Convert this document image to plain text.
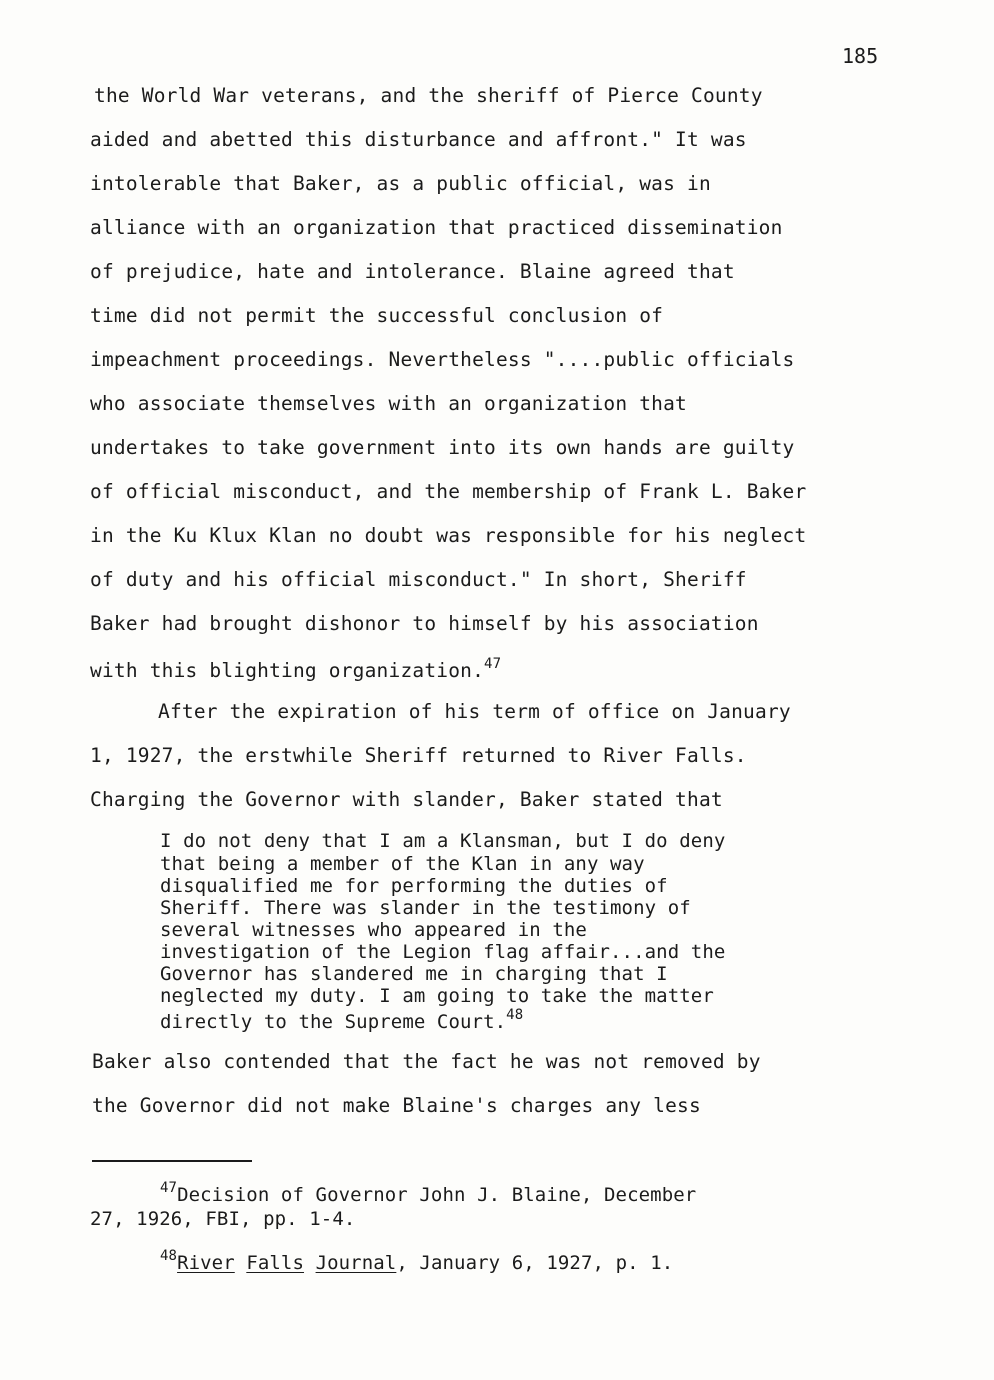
185
the World War veterans, and the sheriff of Pierce County
aided and abetted this disturbance and affront." It was
intolerable that Baker, as a public official, was in
alliance with an organization that practiced dissemination
of prejudice, hate and intolerance. Blaine agreed that
time did not permit the successful conclusion of
impeachment proceedings. Nevertheless "....public officials
who associate themselves with an organization that
undertakes to take government into its own hands are guilty
of official misconduct, and the membership of Frank L. Baker
in the Ku Klux Klan no doubt was responsible for his neglect
of duty and his official misconduct." In short, Sheriff
Baker had brought dishonor to himself by his association
with this blighting organization.$^{47}$
After the expiration of his term of office on January
1, 1927, the erstwhile Sheriff returned to River Falls.
Charging the Governor with slander, Baker stated that
I do not deny that I am a Klansman, but I do deny
that being a member of the Klan in any way
disqualified me for performing the duties of
Sheriff. There was slander in the testimony of
several witnesses who appeared in the
investigation of the Legion flag affair...and the
Governor has slandered me in charging that I
neglected my duty. I am going to take the matter
directly to the Supreme Court.$^{48}$
Baker also contended that the fact he was not removed by
the Governor did not make Blaine's charges any less
$^{47}$Decision of Governor John J. Blaine, December
27, 1926, FBI, pp. 1-4.
$^{48}$River Falls Journal, January 6, 1927, p. 1.
